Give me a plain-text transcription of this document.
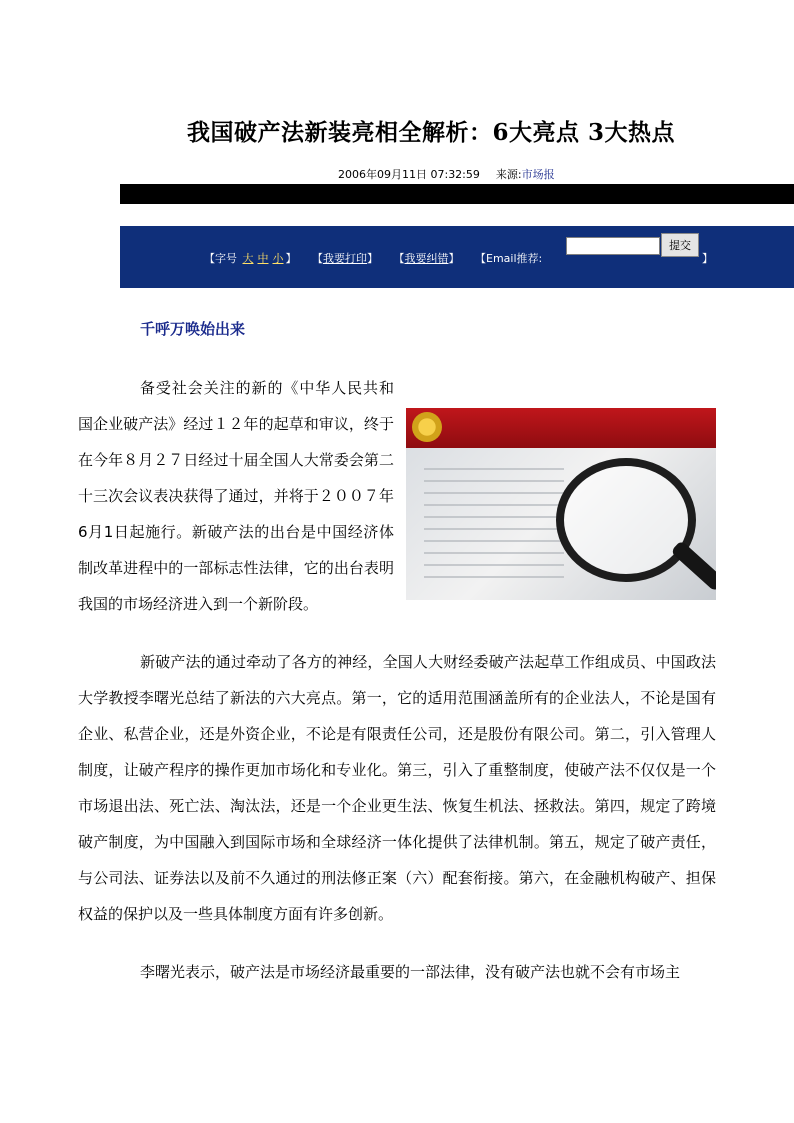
我国破产法新装亮相全解析：6大亮点 3大热点
2006年09月11日 07:32:59 来源:市场报
【字号 大 中 小 】 【我要打印】 【我要纠错】 【Email推荐:
提交
】
千呼万唤始出来

备受社会关注的新的《中华人民共和国企业破产法》经过１２年的起草和审议，终于在今年８月２７日经过十届全国人大常委会第二十三次会议表决获得了通过，并将于２００７年6月1日起施行。新破产法的出台是中国经济体制改革进程中的一部标志性法律，它的出台表明我国的市场经济进入到一个新阶段。

新破产法的通过牵动了各方的神经，全国人大财经委破产法起草工作组成员、中国政法大学教授李曙光总结了新法的六大亮点。第一，它的适用范围涵盖所有的企业法人，不论是国有企业、私营企业，还是外资企业，不论是有限责任公司，还是股份有限公司。第二，引入管理人制度，让破产程序的操作更加市场化和专业化。第三，引入了重整制度，使破产法不仅仅是一个市场退出法、死亡法、淘汰法，还是一个企业更生法、恢复生机法、拯救法。第四，规定了跨境破产制度，为中国融入到国际市场和全球经济一体化提供了法律机制。第五，规定了破产责任，与公司法、证券法以及前不久通过的刑法修正案（六）配套衔接。第六，在金融机构破产、担保权益的保护以及一些具体制度方面有许多创新。

李曙光表示，破产法是市场经济最重要的一部法律，没有破产法也就不会有市场主
